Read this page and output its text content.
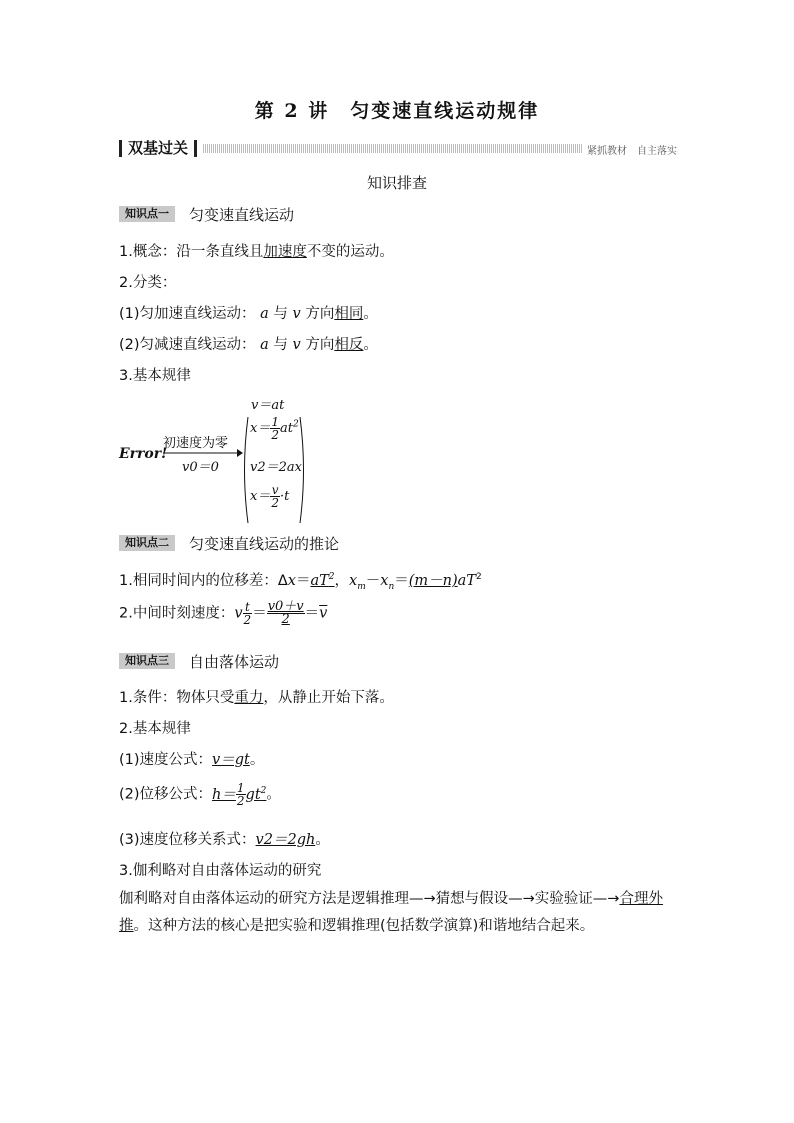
第 2 讲　匀变速直线运动规律
双基过关	紧抓教材　自主落实
知识排查
知识点一	匀变速直线运动
1.概念：沿一条直线且加速度不变的运动。
2.分类：
(1)匀加速直线运动： a 与 v 方向相同。
(2)匀减速直线运动： a 与 v 方向相反。
3.基本规律
Error!
初速度为零
v0＝0
v＝at
$x= \frac{1}{2} at^2$
v2＝2ax
$x= \frac{v}{2} \cdot t$
知识点二	匀变速直线运动的推论
1.相同时间内的位移差：$\Delta x=aT^2$，$x_m-x_n=(m-n)aT^2$
2.中间时刻速度：v $\frac{t}{2} = \frac{v0+v}{2} =\overline{v}$
知识点三	自由落体运动
1.条件：物体只受重力，从静止开始下落。
2.基本规律
(1)速度公式：v＝gt。
(2)位移公式：$h= \frac{1}{2} gt^2$。
(3)速度位移关系式：v2＝2gh。
3.伽利略对自由落体运动的研究
伽利略对自由落体运动的研究方法是逻辑推理—→猜想与假设—→实验验证—→合理外推。这种方法的核心是把实验和逻辑推理(包括数学演算)和谐地结合起来。
